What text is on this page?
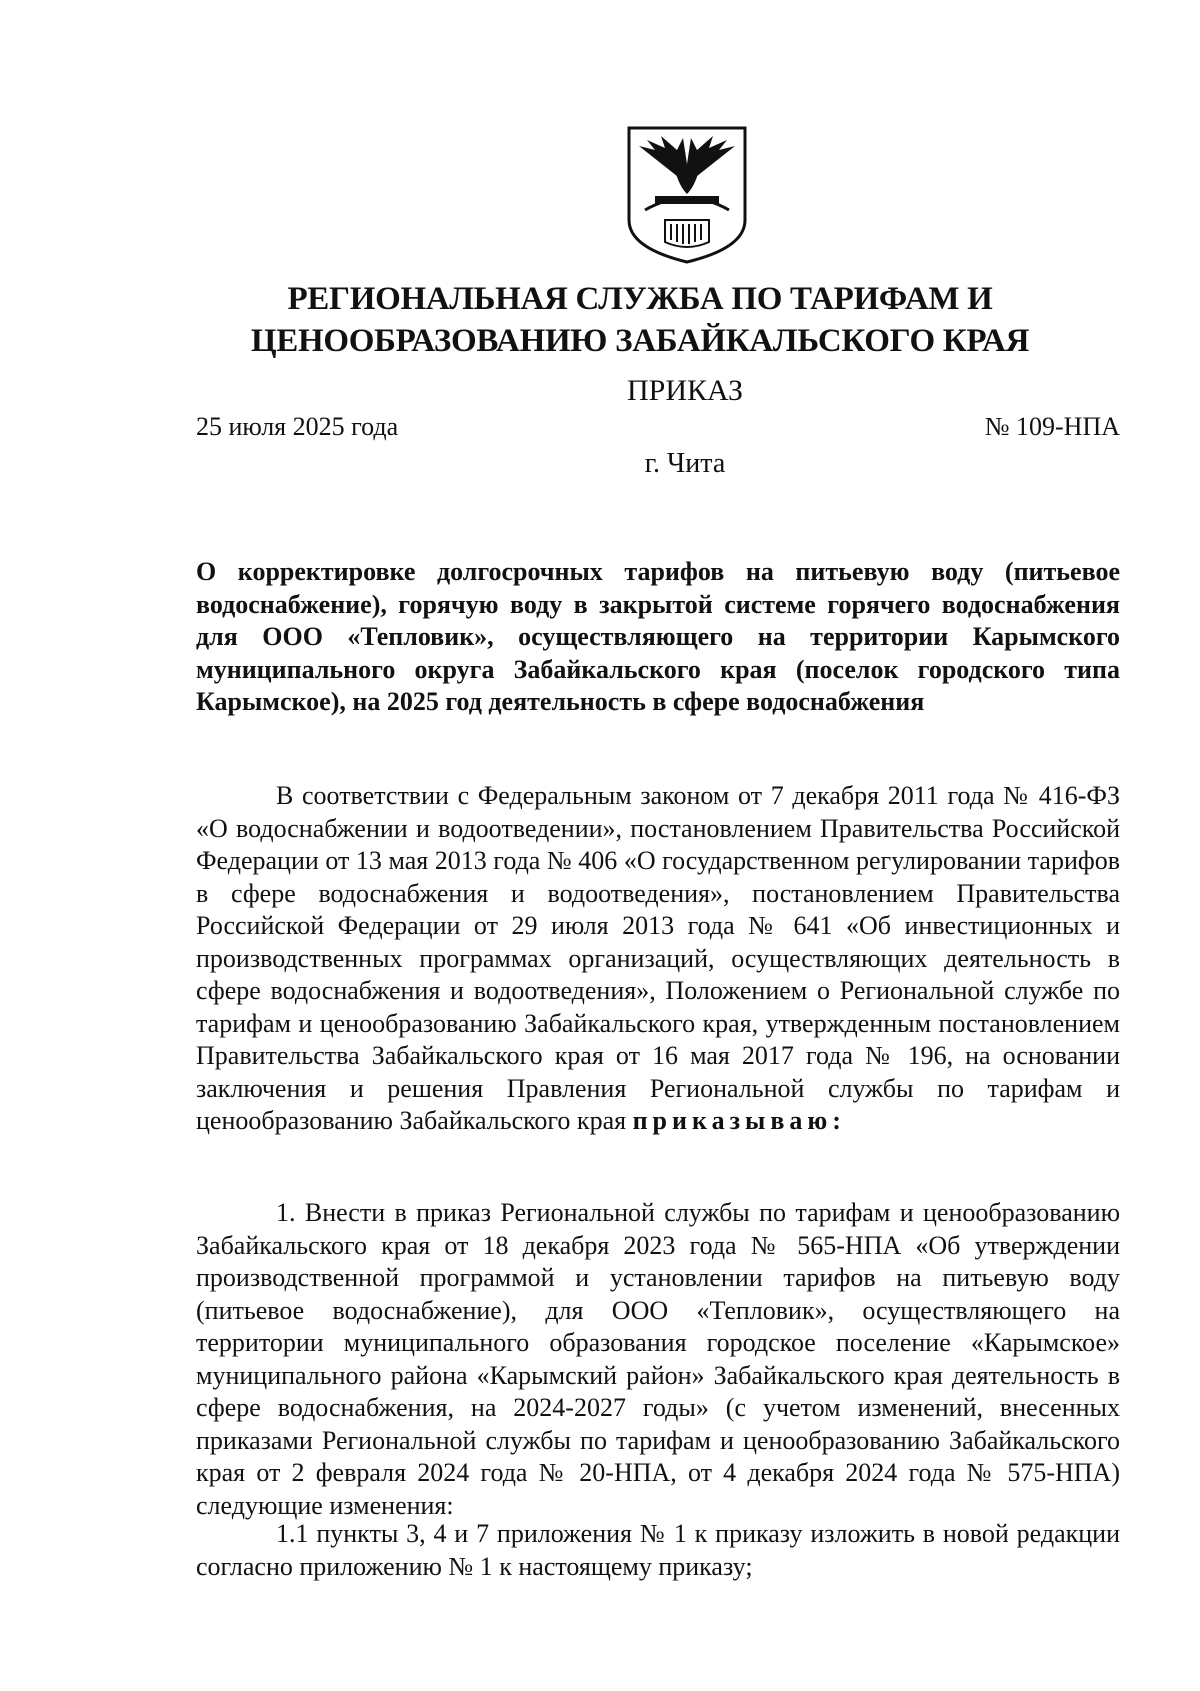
РЕГИОНАЛЬНАЯ СЛУЖБА ПО ТАРИФАМ И ЦЕНООБРАЗОВАНИЮ ЗАБАЙКАЛЬСКОГО КРАЯ
ПРИКАЗ
25 июля 2025 года	№ 109-НПА
г. Чита
О корректировке долгосрочных тарифов на питьевую воду (питьевое водоснабжение), горячую воду в закрытой системе горячего водоснабжения для ООО «Тепловик», осуществляющего на территории Карымского муниципального округа Забайкальского края (поселок городского типа Карымское), на 2025 год деятельность в сфере водоснабжения
В соответствии с Федеральным законом от 7 декабря 2011 года № 416-ФЗ «О водоснабжении и водоотведении», постановлением Правительства Российской Федерации от 13 мая 2013 года № 406 «О государственном регулировании тарифов в сфере водоснабжения и водоотведения», постановлением Правительства Российской Федерации от 29 июля 2013 года № 641 «Об инвестиционных и производственных программах организаций, осуществляющих деятельность в сфере водоснабжения и водоотведения», Положением о Региональной службе по тарифам и ценообразованию Забайкальского края, утвержденным постановлением Правительства Забайкальского края от 16 мая 2017 года № 196, на основании заключения и решения Правления Региональной службы по тарифам и ценообразованию Забайкальского края приказываю:
1. Внести в приказ Региональной службы по тарифам и ценообразованию Забайкальского края от 18 декабря 2023 года № 565-НПА «Об утверждении производственной программой и установлении тарифов на питьевую воду (питьевое водоснабжение), для ООО «Тепловик», осуществляющего на территории муниципального образования городское поселение «Карымское» муниципального района «Карымский район» Забайкальского края деятельность в сфере водоснабжения, на 2024-2027 годы» (с учетом изменений, внесенных приказами Региональной службы по тарифам и ценообразованию Забайкальского края от 2 февраля 2024 года № 20-НПА, от 4 декабря 2024 года № 575-НПА) следующие изменения:
1.1 пункты 3, 4 и 7 приложения № 1 к приказу изложить в новой редакции согласно приложению № 1 к настоящему приказу;
